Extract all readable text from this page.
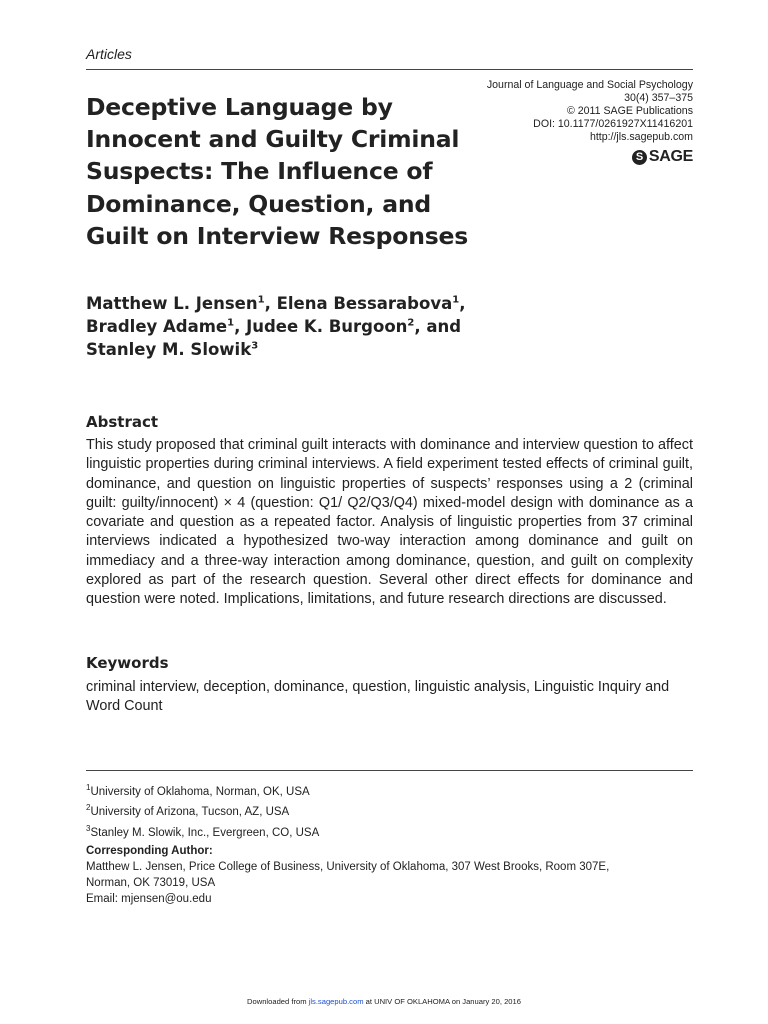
Articles
Journal of Language and Social Psychology
30(4) 357–375
© 2011 SAGE Publications
DOI: 10.1177/0261927X11416201
http://jls.sagepub.com
S SAGE
Deceptive Language by
Innocent and Guilty Criminal
Suspects: The Influence of
Dominance, Question, and
Guilt on Interview Responses
Matthew L. Jensen$^1$, Elena Bessarabova$^1$,
Bradley Adame$^1$, Judee K. Burgoon$^2$, and
Stanley M. Slowik$^3$
Abstract

This study proposed that criminal guilt interacts with dominance and interview question to affect linguistic properties during criminal interviews. A field experiment tested effects of criminal guilt, dominance, and question on linguistic properties of suspects’ responses using a 2 (criminal guilt: guilty/innocent) × 4 (question: Q1/ Q2/Q3/Q4) mixed-model design with dominance as a covariate and question as a repeated factor. Analysis of linguistic properties from 37 criminal interviews indicated a hypothesized two-way interaction among dominance and guilt on immediacy and a three-way interaction among dominance, question, and guilt on complexity explored as part of the research question. Several other direct effects for dominance and question were noted. Implications, limitations, and future research directions are discussed.

Keywords

criminal interview, deception, dominance, question, linguistic analysis, Linguistic Inquiry and Word Count

$^1$University of Oklahoma, Norman, OK, USA
$^2$University of Arizona, Tucson, AZ, USA
$^3$Stanley M. Slowik, Inc., Evergreen, CO, USA
Corresponding Author:
Matthew L. Jensen, Price College of Business, University of Oklahoma, 307 West Brooks, Room 307E,
Norman, OK 73019, USA
Email: mjensen@ou.edu
Downloaded from jls.sagepub.com at UNIV OF OKLAHOMA on January 20, 2016
